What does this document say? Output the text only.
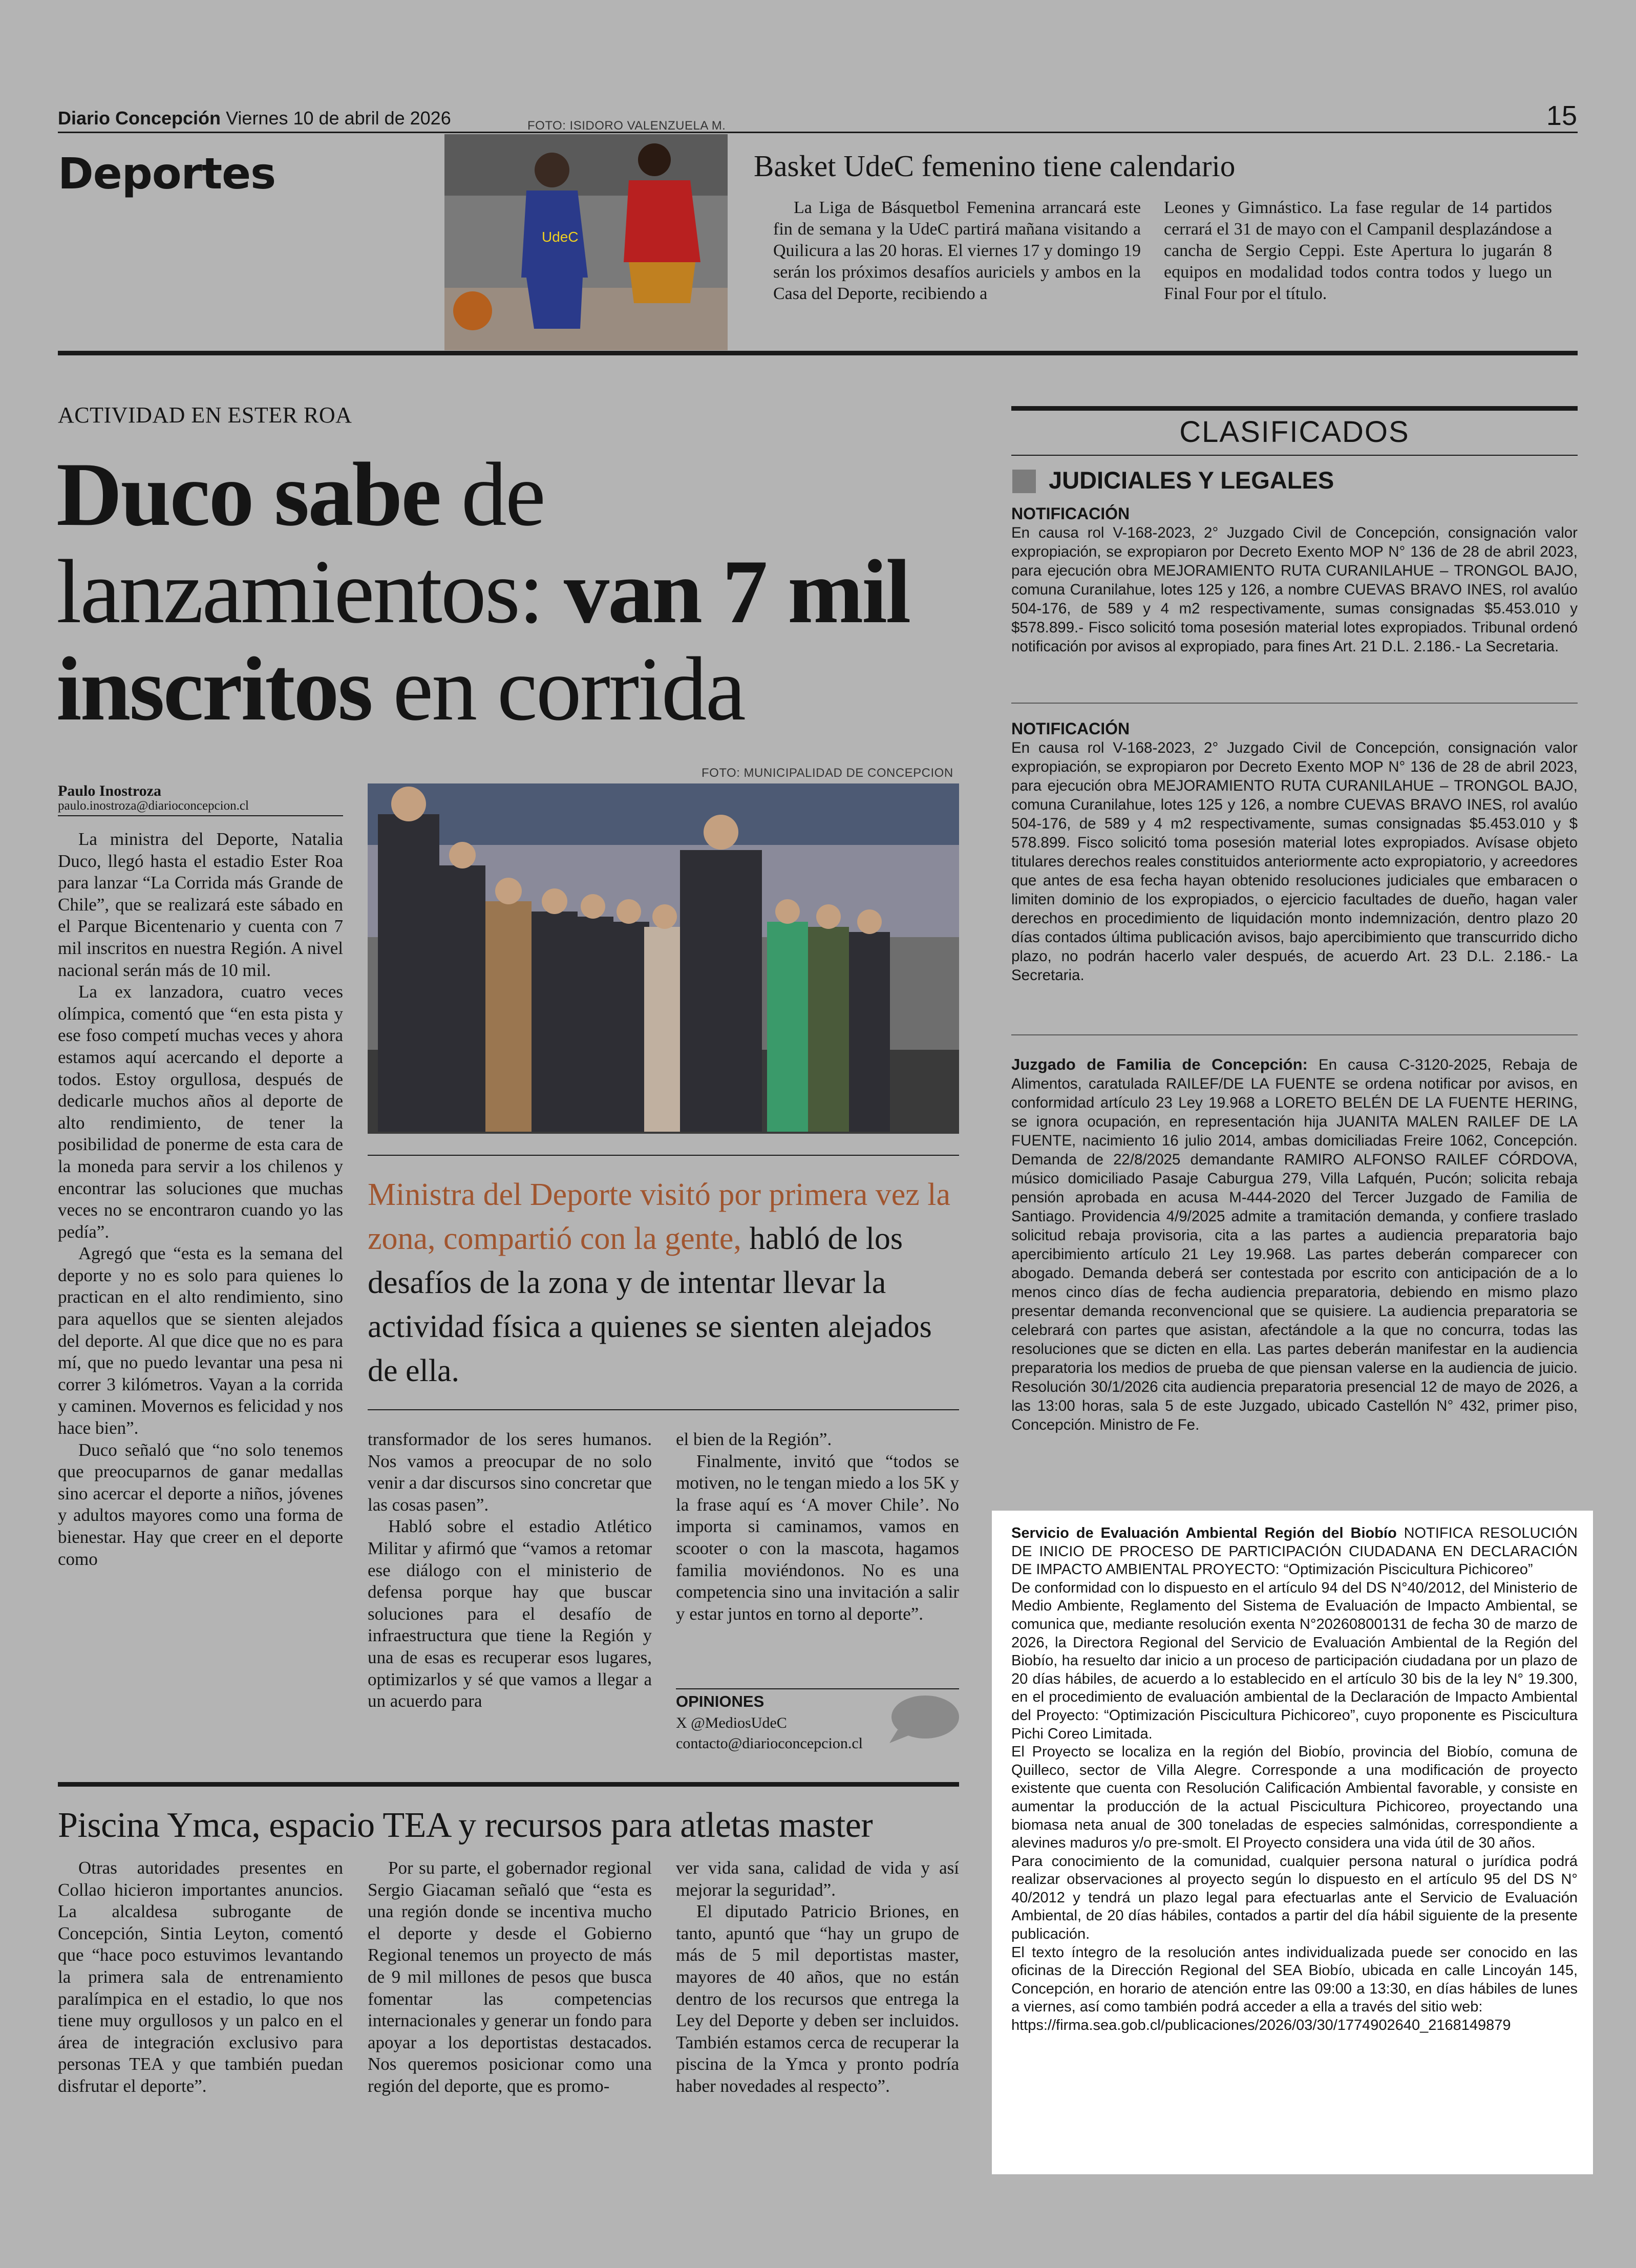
Diario Concepción Viernes 10 de abril de 2026	15
Deportes
FOTO: ISIDORO VALENZUELA M.
UdeC
Basket UdeC femenino tiene calendario

La Liga de Básquetbol Femenina arrancará este fin de semana y la UdeC partirá mañana visitando a Quilicura a las 20 horas. El viernes 17 y domingo 19 serán los próximos desafíos auriciels y ambos en la Casa del Deporte, recibiendo a

Leones y Gimnástico. La fase regular de 14 partidos cerrará el 31 de mayo con el Campanil desplazándose a cancha de Sergio Ceppi. Este Apertura lo jugarán 8 equipos en modalidad todos contra todos y luego un Final Four por el título.

ACTIVIDAD EN ESTER ROA
Duco sabe de
lanzamientos: van 7 mil
inscritos en corrida
Paulo Inostroza
paulo.inostroza@diarioconcepcion.cl
FOTO: MUNICIPALIDAD DE CONCEPCION
Ministra del Deporte visitó por primera vez la zona, compartió con la gente, habló de los desafíos de la zona y de intentar llevar la actividad física a quienes se sienten alejados de ella.

La ministra del Deporte, Natalia Duco, llegó hasta el estadio Ester Roa para lanzar “La Corrida más Grande de Chile”, que se realizará este sábado en el Parque Bicentenario y cuenta con 7 mil inscritos en nuestra Región. A nivel nacional serán más de 10 mil.

La ex lanzadora, cuatro veces olímpica, comentó que “en esta pista y ese foso competí muchas veces y ahora estamos aquí acercando el deporte a todos. Estoy orgullosa, después de dedicarle muchos años al deporte de alto rendimiento, de tener la posibilidad de ponerme de esta cara de la moneda para servir a los chilenos y encontrar las soluciones que muchas veces no se encontraron cuando yo las pedía”.

Agregó que “esta es la semana del deporte y no es solo para quienes lo practican en el alto rendimiento, sino para aquellos que se sienten alejados del deporte. Al que dice que no es para mí, que no puedo levantar una pesa ni correr 3 kilómetros. Vayan a la corrida y caminen. Movernos es felicidad y nos hace bien”.

Duco señaló que “no solo tenemos que preocuparnos de ganar medallas sino acercar el deporte a niños, jóvenes y adultos mayores como una forma de bienestar. Hay que creer en el deporte como

transformador de los seres humanos. Nos vamos a preocupar de no solo venir a dar discursos sino concretar que las cosas pasen”.

Habló sobre el estadio Atlético Militar y afirmó que “vamos a retomar ese diálogo con el ministerio de defensa porque hay que buscar soluciones para el desafío de infraestructura que tiene la Región y una de esas es recuperar esos lugares, optimizarlos y sé que vamos a llegar a un acuerdo para

el bien de la Región”.

Finalmente, invitó que “todos se motiven, no le tengan miedo a los 5K y la frase aquí es ‘A mover Chile’. No importa si caminamos, vamos en scooter o con la mascota, hagamos familia moviéndonos. No es una competencia sino una invitación a salir y estar juntos en torno al deporte”.

OPINIONES
X @MediosUdeC
contacto@diarioconcepcion.cl
Piscina Ymca, espacio TEA y recursos para atletas master

Otras autoridades presentes en Collao hicieron importantes anuncios. La alcaldesa subrogante de Concepción, Sintia Leyton, comentó que “hace poco estuvimos levantando la primera sala de entrenamiento paralímpica en el estadio, lo que nos tiene muy orgullosos y un palco en el área de integración exclusivo para personas TEA y que también puedan disfrutar el deporte”.

Por su parte, el gobernador regional Sergio Giacaman señaló que “esta es una región donde se incentiva mucho el deporte y desde el Gobierno Regional tenemos un proyecto de más de 9 mil millones de pesos que busca fomentar las competencias internacionales y generar un fondo para apoyar a los deportistas destacados. Nos queremos posicionar como una región del deporte, que es promo-

ver vida sana, calidad de vida y así mejorar la seguridad”.

El diputado Patricio Briones, en tanto, apuntó que “hay un grupo de más de 5 mil deportistas master, mayores de 40 años, que no están dentro de los recursos que entrega la Ley del Deporte y deben ser incluidos. También estamos cerca de recuperar la piscina de la Ymca y pronto podría haber novedades al respecto”.

CLASIFICADOS
JUDICIALES Y LEGALES
NOTIFICACIÓN
En causa rol V-168-2023, 2° Juzgado Civil de Concepción, consignación valor expropiación, se expropiaron por Decreto Exento MOP N° 136 de 28 de abril 2023, para ejecución obra MEJORAMIENTO RUTA CURANILAHUE – TRONGOL BAJO, comuna Curanilahue, lotes 125 y 126, a nombre CUEVAS BRAVO INES, rol avalúo 504-176, de 589 y 4 m2 respectivamente, sumas consignadas $5.453.010 y $578.899.- Fisco solicitó toma posesión material lotes expropiados. Tribunal ordenó notificación por avisos al expropiado, para fines Art. 21 D.L. 2.186.- La Secretaria.
NOTIFICACIÓN
En causa rol V-168-2023, 2° Juzgado Civil de Concepción, consignación valor expropiación, se expropiaron por Decreto Exento MOP N° 136 de 28 de abril 2023, para ejecución obra MEJORAMIENTO RUTA CURANILAHUE – TRONGOL BAJO, comuna Curanilahue, lotes 125 y 126, a nombre CUEVAS BRAVO INES, rol avalúo 504-176, de 589 y 4 m2 respectivamente, sumas consignadas $5.453.010 y $ 578.899. Fisco solicitó toma posesión material lotes expropiados. Avísase objeto titulares derechos reales constituidos anteriormente acto expropiatorio, y acreedores que antes de esa fecha hayan obtenido resoluciones judiciales que embaracen o limiten dominio de los expropiados, o ejercicio facultades de dueño, hagan valer derechos en procedimiento de liquidación monto indemnización, dentro plazo 20 días contados última publicación avisos, bajo apercibimiento que transcurrido dicho plazo, no podrán hacerlo valer después, de acuerdo Art. 23 D.L. 2.186.- La Secretaria.
Juzgado de Familia de Concepción: En causa C-3120-2025, Rebaja de Alimentos, caratulada RAILEF/DE LA FUENTE se ordena notificar por avisos, en conformidad artículo 23 Ley 19.968 a LORETO BELÉN DE LA FUENTE HERING, se ignora ocupación, en representación hija JUANITA MALEN RAILEF DE LA FUENTE, nacimiento 16 julio 2014, ambas domiciliadas Freire 1062, Concepción. Demanda de 22/8/2025 demandante RAMIRO ALFONSO RAILEF CÓRDOVA, músico domiciliado Pasaje Caburgua 279, Villa Lafquén, Pucón; solicita rebaja pensión aprobada en acusa M-444-2020 del Tercer Juzgado de Familia de Santiago. Providencia 4/9/2025 admite a tramitación demanda, y confiere traslado solicitud rebaja provisoria, cita a las partes a audiencia preparatoria bajo apercibimiento artículo 21 Ley 19.968. Las partes deberán comparecer con abogado. Demanda deberá ser contestada por escrito con anticipación de a lo menos cinco días de fecha audiencia preparatoria, debiendo en mismo plazo presentar demanda reconvencional que se quisiere. La audiencia preparatoria se celebrará con partes que asistan, afectándole a la que no concurra, todas las resoluciones que se dicten en ella. Las partes deberán manifestar en la audiencia preparatoria los medios de prueba de que piensan valerse en la audiencia de juicio. Resolución 30/1/2026 cita audiencia preparatoria presencial 12 de mayo de 2026, a las 13:00 horas, sala 5 de este Juzgado, ubicado Castellón N° 432, primer piso, Concepción. Ministro de Fe.
Servicio de Evaluación Ambiental Región del Biobío NOTIFICA RESOLUCIÓN DE INICIO DE PROCESO DE PARTICIPACIÓN CIUDADANA EN DECLARACIÓN DE IMPACTO AMBIENTAL PROYECTO: “Optimización Piscicultura Pichicoreo”
De conformidad con lo dispuesto en el artículo 94 del DS N°40/2012, del Ministerio de Medio Ambiente, Reglamento del Sistema de Evaluación de Impacto Ambiental, se comunica que, mediante resolución exenta N°20260800131 de fecha 30 de marzo de 2026, la Directora Regional del Servicio de Evaluación Ambiental de la Región del Biobío, ha resuelto dar inicio a un proceso de participación ciudadana por un plazo de 20 días hábiles, de acuerdo a lo establecido en el artículo 30 bis de la ley N° 19.300, en el procedimiento de evaluación ambiental de la Declaración de Impacto Ambiental del Proyecto: “Optimización Piscicultura Pichicoreo”, cuyo proponente es Piscicultura Pichi Coreo Limitada.
El Proyecto se localiza en la región del Biobío, provincia del Biobío, comuna de Quilleco, sector de Villa Alegre. Corresponde a una modificación de proyecto existente que cuenta con Resolución Calificación Ambiental favorable, y consiste en aumentar la producción de la actual Piscicultura Pichicoreo, proyectando una biomasa neta anual de 300 toneladas de especies salmónidas, correspondiente a alevines maduros y/o pre-smolt. El Proyecto considera una vida útil de 30 años.
Para conocimiento de la comunidad, cualquier persona natural o jurídica podrá realizar observaciones al proyecto según lo dispuesto en el artículo 95 del DS N° 40/2012 y tendrá un plazo legal para efectuarlas ante el Servicio de Evaluación Ambiental, de 20 días hábiles, contados a partir del día hábil siguiente de la presente publicación.
El texto íntegro de la resolución antes individualizada puede ser conocido en las oficinas de la Dirección Regional del SEA Biobío, ubicada en calle Lincoyán 145, Concepción, en horario de atención entre las 09:00 a 13:30, en días hábiles de lunes a viernes, así como también podrá acceder a ella a través del sitio web:
https://firma.sea.gob.cl/publicaciones/2026/03/30/1774902640_2168149879
